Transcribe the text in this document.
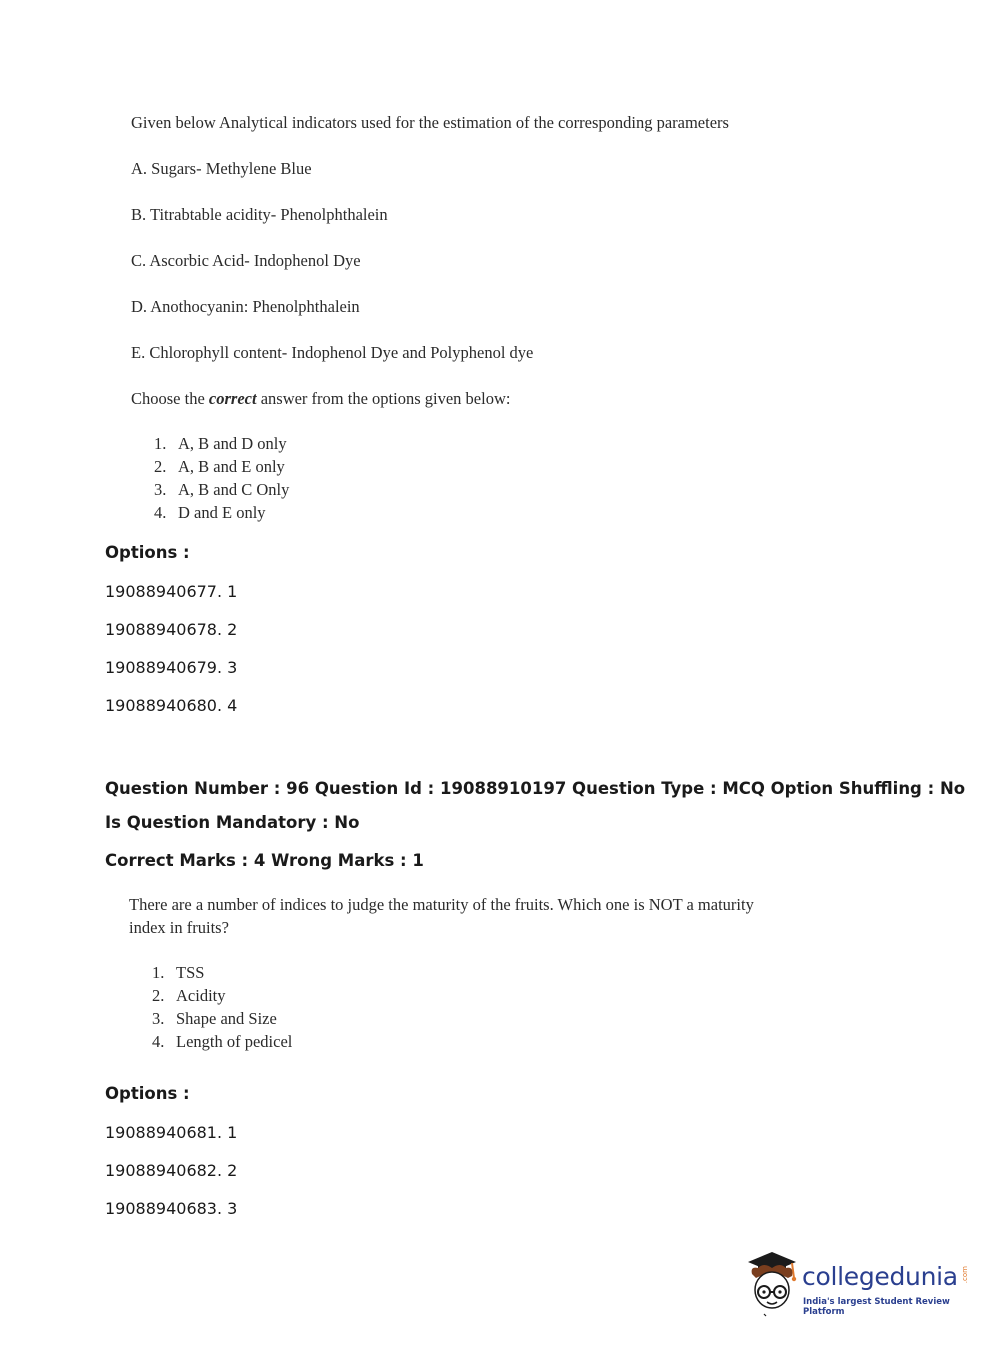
Given below Analytical indicators used for the estimation of the corresponding parameters
A. Sugars- Methylene Blue
B. Titrabtable acidity- Phenolphthalein
C. Ascorbic Acid- Indophenol Dye
D. Anothocyanin: Phenolphthalein
E. Chlorophyll content- Indophenol Dye and Polyphenol dye
Choose the correct answer from the options given below:
1. A, B and D only
2. A, B and E only
3. A, B and C Only
4. D and E only
Options :
19088940677. 1
19088940678. 2
19088940679. 3
19088940680. 4
Question Number : 96 Question Id : 19088910197 Question Type : MCQ Option Shuffling : No
Is Question Mandatory : No
Correct Marks : 4 Wrong Marks : 1
There are a number of indices to judge the maturity of the fruits. Which one is NOT a maturity
index in fruits?
1. TSS
2. Acidity
3. Shape and Size
4. Length of pedicel
Options :
19088940681. 1
19088940682. 2
19088940683. 3
collegedunia .com
India's largest Student Review Platform
